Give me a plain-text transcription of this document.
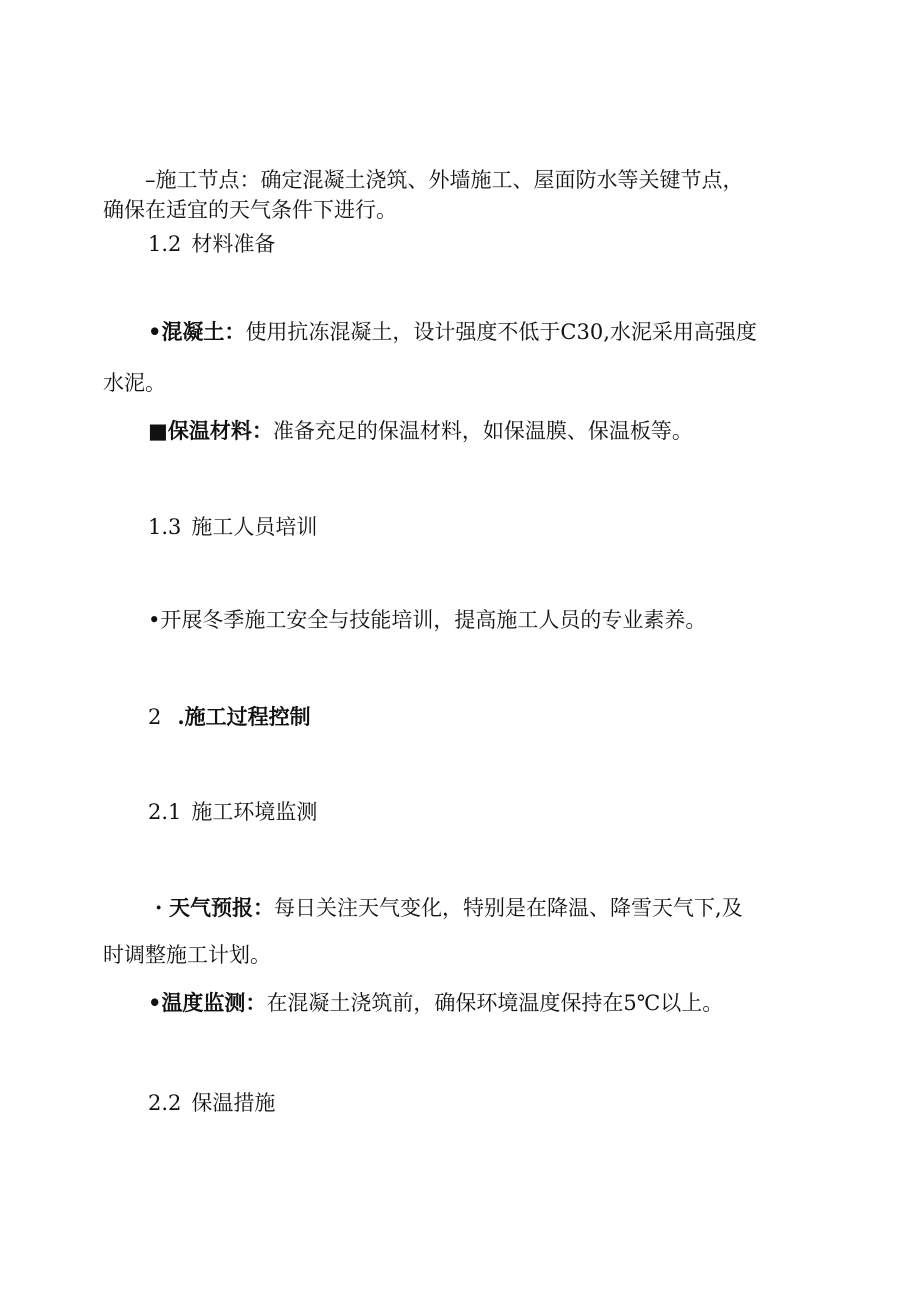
–施工节点：确定混凝土浇筑、外墙施工、屋面防水等关键节点，
确保在适宜的天气条件下进行。
1.2 材料准备
•混凝土：使用抗冻混凝土，设计强度不低于C30,水泥采用高强度
水泥。
■保温材料：准备充足的保温材料，如保温膜、保温板等。
1.3 施工人员培训
•开展冬季施工安全与技能培训，提高施工人员的专业素养。
2 .施工过程控制
2.1 施工环境监测
· 天气预报：每日关注天气变化，特别是在降温、降雪天气下,及
时调整施工计划。
•温度监测：在混凝土浇筑前，确保环境温度保持在5℃以上。
2.2 保温措施
